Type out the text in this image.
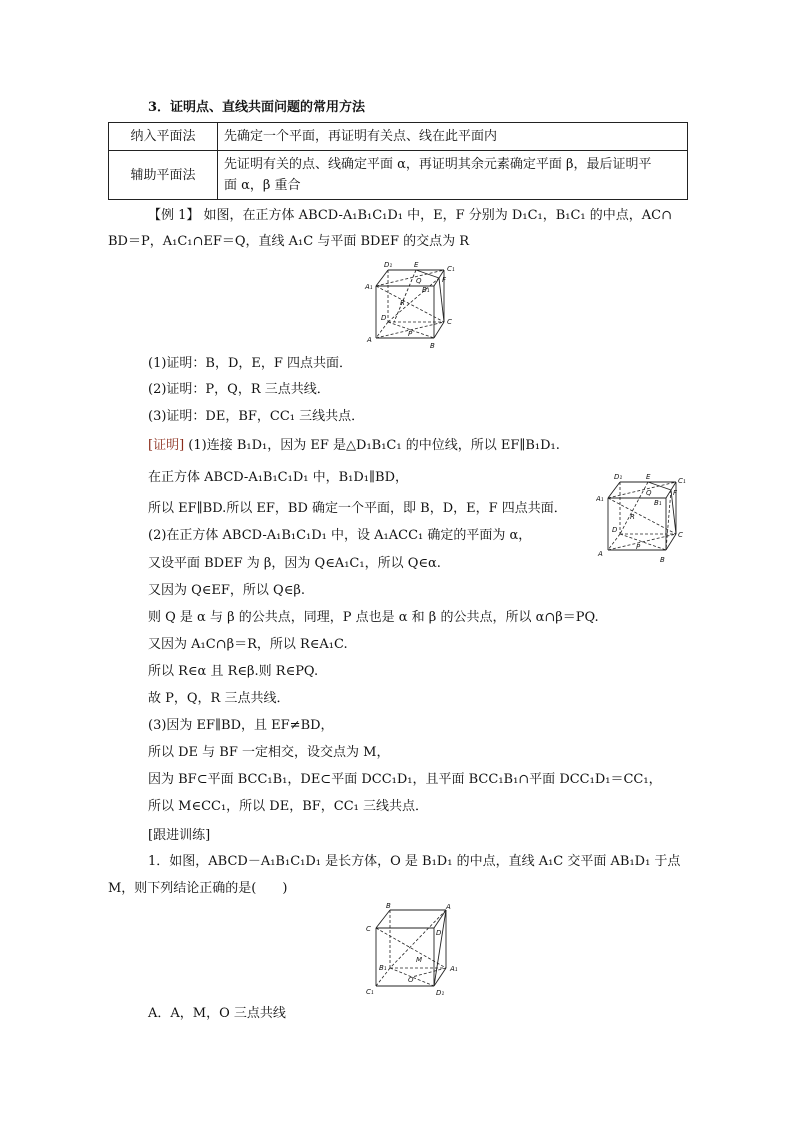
3．证明点、直线共面问题的常用方法
纳入平面法	先确定一个平面，再证明有关点、线在此平面内
辅助平面法	先证明有关的点、线确定平面 α，再证明其余元素确定平面 β，最后证明平
面 α，β 重合
【例 1】 如图，在正方体 ABCD-A₁B₁C₁D₁ 中，E，F 分别为 D₁C₁，B₁C₁ 的中点，AC∩
BD＝P，A₁C₁∩EF＝Q，直线 A₁C 与平面 BDEF 的交点为 R
D₁	E	C₁
A₁
Q
B₁
F
R
D	C
A
P
B
(1)证明：B，D，E，F 四点共面．
(2)证明：P，Q，R 三点共线．
(3)证明：DE，BF，CC₁ 三线共点．
[证明] (1)连接 B₁D₁，因为 EF 是△D₁B₁C₁ 的中位线，所以 EF∥B₁D₁.
在正方体 ABCD-A₁B₁C₁D₁ 中，B₁D₁∥BD，
所以 EF∥BD.所以 EF，BD 确定一个平面，即 B，D，E，F 四点共面．
(2)在正方体 ABCD-A₁B₁C₁D₁ 中，设 A₁ACC₁ 确定的平面为 α，
又设平面 BDEF 为 β，因为 Q∈A₁C₁，所以 Q∈α.
又因为 Q∈EF，所以 Q∈β.
则 Q 是 α 与 β 的公共点，同理，P 点也是 α 和 β 的公共点，所以 α∩β＝PQ.
又因为 A₁C∩β＝R，所以 R∈A₁C.
所以 R∈α 且 R∈β.则 R∈PQ.
故 P，Q，R 三点共线．
(3)因为 EF∥BD，且 EF≠BD，
所以 DE 与 BF 一定相交，设交点为 M，
因为 BF⊂平面 BCC₁B₁，DE⊂平面 DCC₁D₁，且平面 BCC₁B₁∩平面 DCC₁D₁＝CC₁，
所以 M∈CC₁，所以 DE，BF，CC₁ 三线共点．
D₁	E	C₁
A₁
Q
B₁
F
R
D
C
A
P
B
[跟进训练]
1．如图，ABCD－A₁B₁C₁D₁ 是长方体，O 是 B₁D₁ 的中点，直线 A₁C 交平面 AB₁D₁ 于点
M，则下列结论正确的是(　　)
B	A
C	D
B₁
M
A₁
O
C₁	D₁
A．A，M，O 三点共线
